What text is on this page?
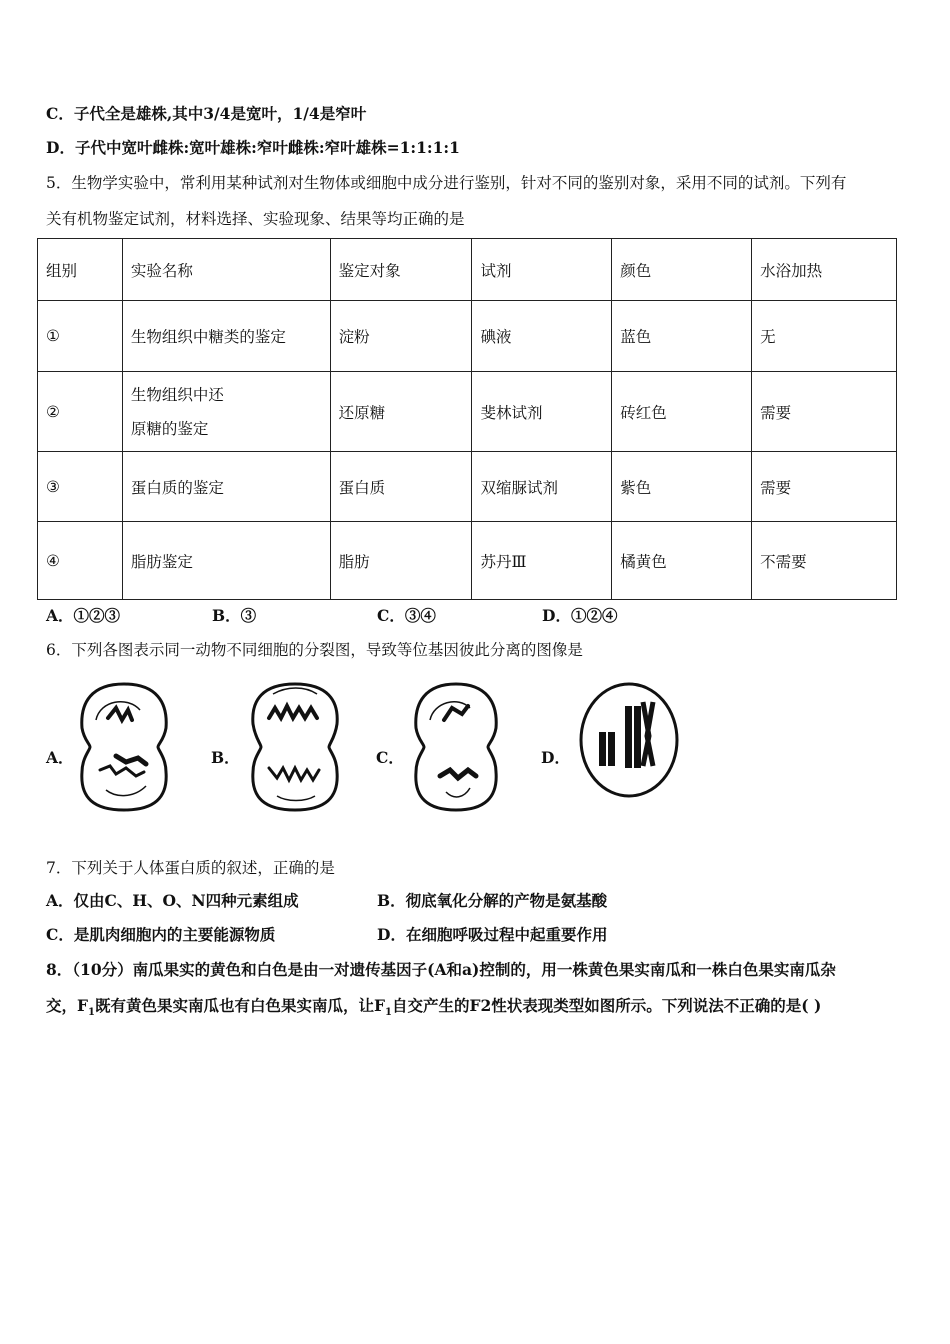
C．子代全是雄株,其中3/4是宽叶，1/4是窄叶
D．子代中宽叶雌株:宽叶雄株:窄叶雌株:窄叶雄株=1:1:1:1
5．生物学实验中，常利用某种试剂对生物体或细胞中成分进行鉴别，针对不同的鉴别对象，采用不同的试剂。下列有
关有机物鉴定试剂，材料选择、实验现象、结果等均正确的是
组别	实验名称	鉴定对象	试剂	颜色	水浴加热
①	生物组织中糖类的鉴定	淀粉	碘液	蓝色	无
②	生物组织中还
原糖的鉴定	还原糖	斐林试剂	砖红色	需要
③	蛋白质的鉴定	蛋白质	双缩脲试剂	紫色	需要
④	脂肪鉴定	脂肪	苏丹Ⅲ	橘黄色	不需要
A．①②③	B．③	C．③④	D．①②④
6．下列各图表示同一动物不同细胞的分裂图，导致等位基因彼此分离的图像是
A．	B．	C．	D．
7．下列关于人体蛋白质的叙述，正确的是
A．仅由C、H、O、N四种元素组成	B．彻底氧化分解的产物是氨基酸
C．是肌肉细胞内的主要能源物质	D．在细胞呼吸过程中起重要作用
8．（10分）南瓜果实的黄色和白色是由一对遗传基因子(A和a)控制的，用一株黄色果实南瓜和一株白色果实南瓜杂
交，$F_1$既有黄色果实南瓜也有白色果实南瓜，让$F_1$自交产生的F2性状表现类型如图所示。下列说法不正确的是( )
